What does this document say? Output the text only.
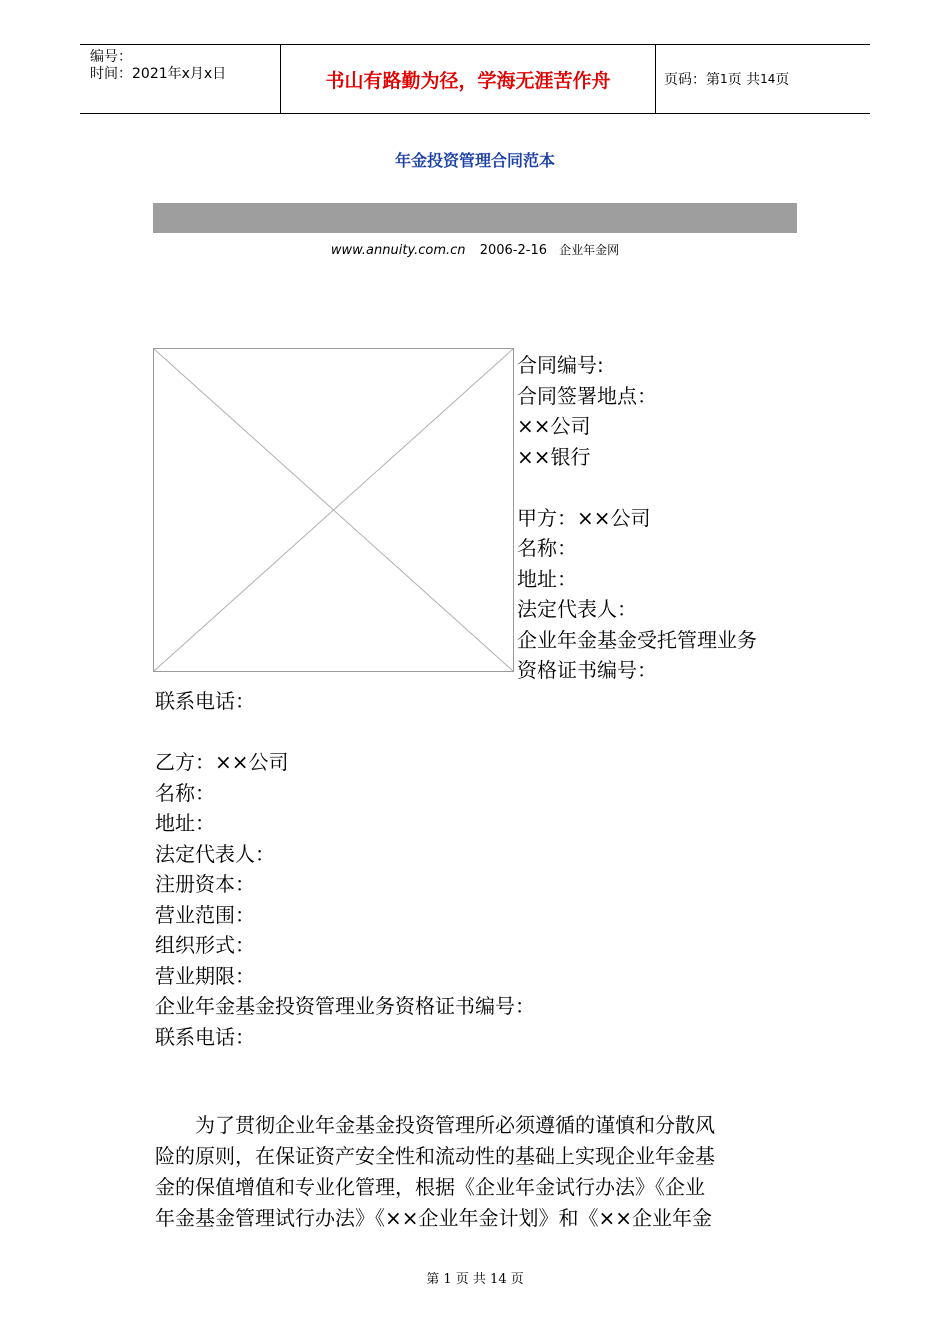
编号：
时间：2021年x月x日	书山有路勤为径，学海无涯苦作舟	页码：第 1 页 共 14 页
年金投资管理合同范本
www.annuity.com.cn 2006-2-16 企业年金网
合同编号:
合同签署地点：
××公司
××银行
甲方：××公司
名称：
地址：
法定代表人：
企业年金基金受托管理业务
资格证书编号：
联系电话：
乙方：××公司
名称：
地址：
法定代表人：
注册资本：
营业范围：
组织形式：
营业期限：
企业年金基金投资管理业务资格证书编号：
联系电话：
为了贯彻企业年金基金投资管理所必须遵循的谨慎和分散风
险的原则，在保证资产安全性和流动性的基础上实现企业年金基
金的保值增值和专业化管理，根据《企业年金试行办法》《企业
年金基金管理试行办法》《××企业年金计划》和《××企业年金
第 1 页 共 14 页
